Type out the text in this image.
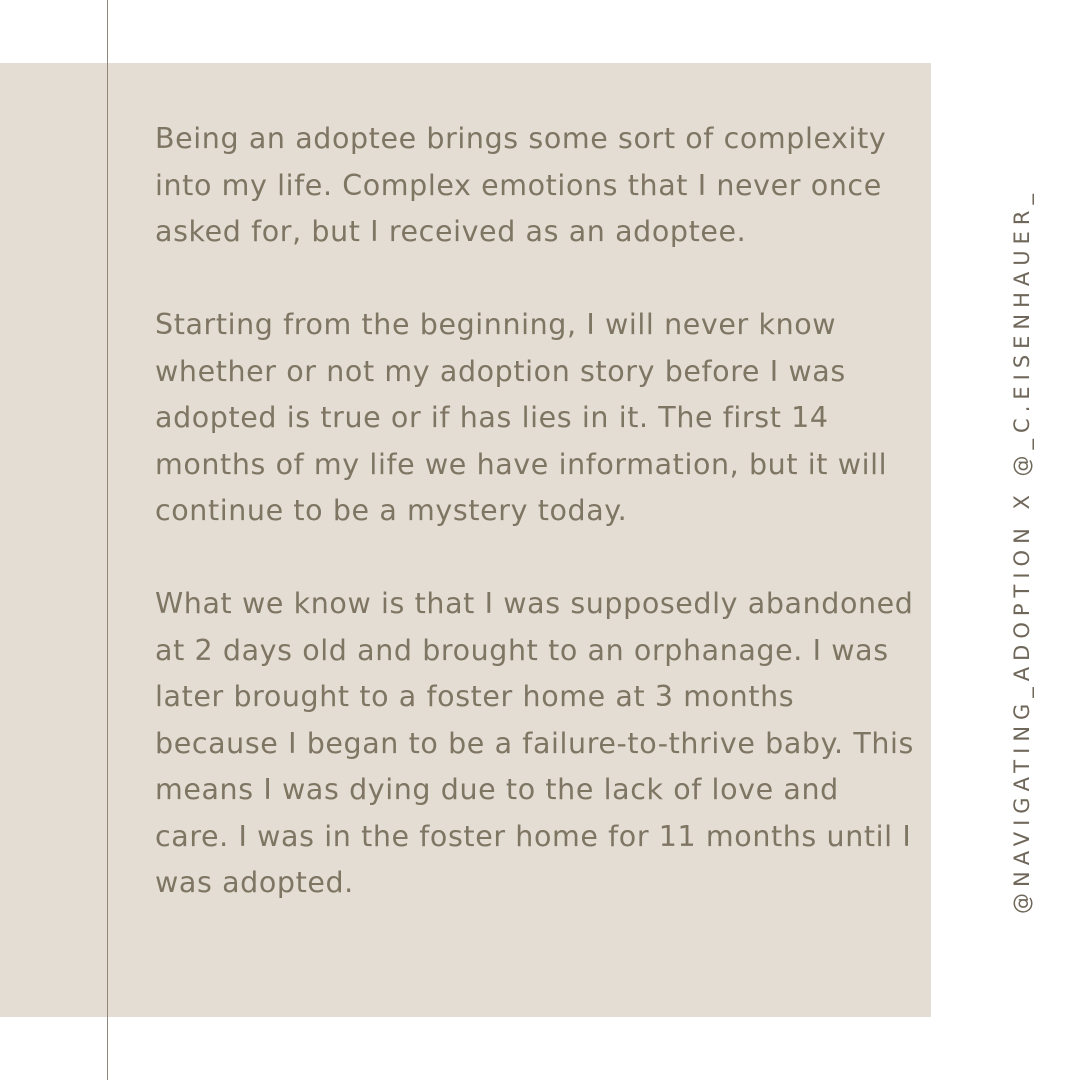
Being an adoptee brings some sort of complexity into my life. Complex emotions that I never once asked for, but I received as an adoptee.

Starting from the beginning, I will never know whether or not my adoption story before I was adopted is true or if has lies in it. The first 14 months of my life we have information, but it will continue to be a mystery today.

What we know is that I was supposedly abandoned at 2 days old and brought to an orphanage. I was later brought to a foster home at 3 months because I began to be a failure-to-thrive baby. This means I was dying due to the lack of love and care. I was in the foster home for 11 months until I was adopted.	@NAVIGATING_ADOPTION X @_C.EISENHAUER_
